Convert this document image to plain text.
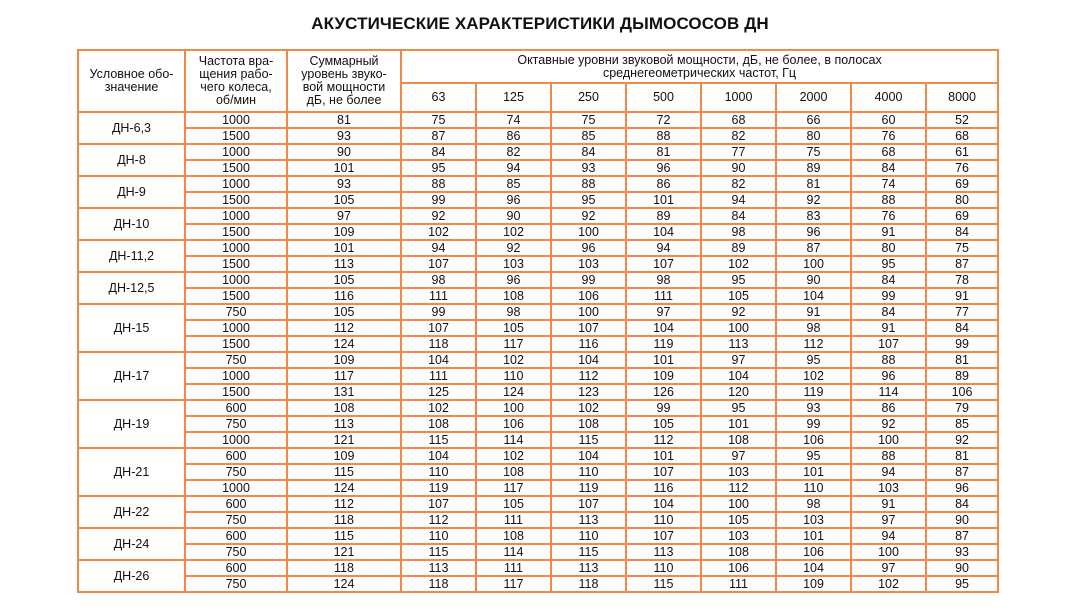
АКУСТИЧЕСКИЕ ХАРАКТЕРИСТИКИ ДЫМОСОСОВ ДН
Условное обо-значение	Частота вра-щения рабо-чего колеса, об/мин	Суммарный уровень звуко-вой мощности дБ, не более	Октавные уровни звуковой мощности, дБ, не более, в полосах среднегеометрических частот, Гц							
			63	125	250	500	1000	2000	4000	8000
ДН-6,3	1000	81	75	74	75	72	68	66	60	52
	1500	93	87	86	85	88	82	80	76	68
ДН-8	1000	90	84	82	84	81	77	75	68	61
	1500	101	95	94	93	96	90	89	84	76
ДН-9	1000	93	88	85	88	86	82	81	74	69
	1500	105	99	96	95	101	94	92	88	80
ДН-10	1000	97	92	90	92	89	84	83	76	69
	1500	109	102	102	100	104	98	96	91	84
ДН-11,2	1000	101	94	92	96	94	89	87	80	75
	1500	113	107	103	103	107	102	100	95	87
ДН-12,5	1000	105	98	96	99	98	95	90	84	78
	1500	116	111	108	106	111	105	104	99	91
ДН-15	750	105	99	98	100	97	92	91	84	77
	1000	112	107	105	107	104	100	98	91	84
	1500	124	118	117	116	119	113	112	107	99
ДН-17	750	109	104	102	104	101	97	95	88	81
	1000	117	111	110	112	109	104	102	96	89
	1500	131	125	124	123	126	120	119	114	106
ДН-19	600	108	102	100	102	99	95	93	86	79
	750	113	108	106	108	105	101	99	92	85
	1000	121	115	114	115	112	108	106	100	92
ДН-21	600	109	104	102	104	101	97	95	88	81
	750	115	110	108	110	107	103	101	94	87
	1000	124	119	117	119	116	112	110	103	96
ДН-22	600	112	107	105	107	104	100	98	91	84
	750	118	112	111	113	110	105	103	97	90
ДН-24	600	115	110	108	110	107	103	101	94	87
	750	121	115	114	115	113	108	106	100	93
ДН-26	600	118	113	111	113	110	106	104	97	90
	750	124	118	117	118	115	111	109	102	95
